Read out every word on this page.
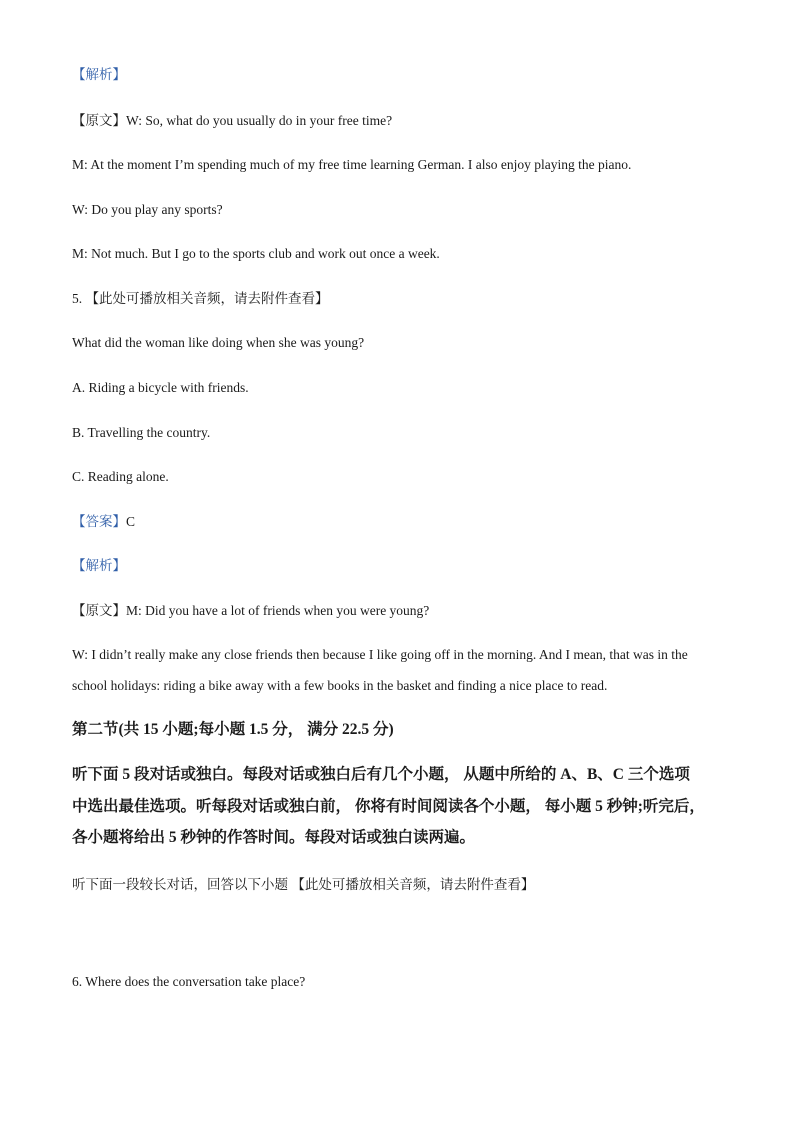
【解析】
【原文】W: So, what do you usually do in your free time?
M: At the moment I’m spending much of my free time learning German. I also enjoy playing the piano.
W: Do you play any sports?
M: Not much. But I go to the sports club and work out once a week.
5. 【此处可播放相关音频，请去附件查看】
What did the woman like doing when she was young?
A. Riding a bicycle with friends.
B. Travelling the country.
C. Reading alone.
【答案】C
【解析】
【原文】M: Did you have a lot of friends when you were young?
W: I didn’t really make any close friends then because I like going off in the morning. And I mean, that was in the
school holidays: riding a bike away with a few books in the basket and finding a nice place to read.
第二节(共 15 小题;每小题 1.5 分， 满分 22.5 分)
听下面 5 段对话或独白。每段对话或独白后有几个小题， 从题中所给的 A、B、C 三个选项
中选出最佳选项。听每段对话或独白前， 你将有时间阅读各个小题， 每小题 5 秒钟;听完后，
各小题将给出 5 秒钟的作答时间。每段对话或独白读两遍。
听下面一段较长对话，回答以下小题 【此处可播放相关音频，请去附件查看】
6. Where does the conversation take place?
